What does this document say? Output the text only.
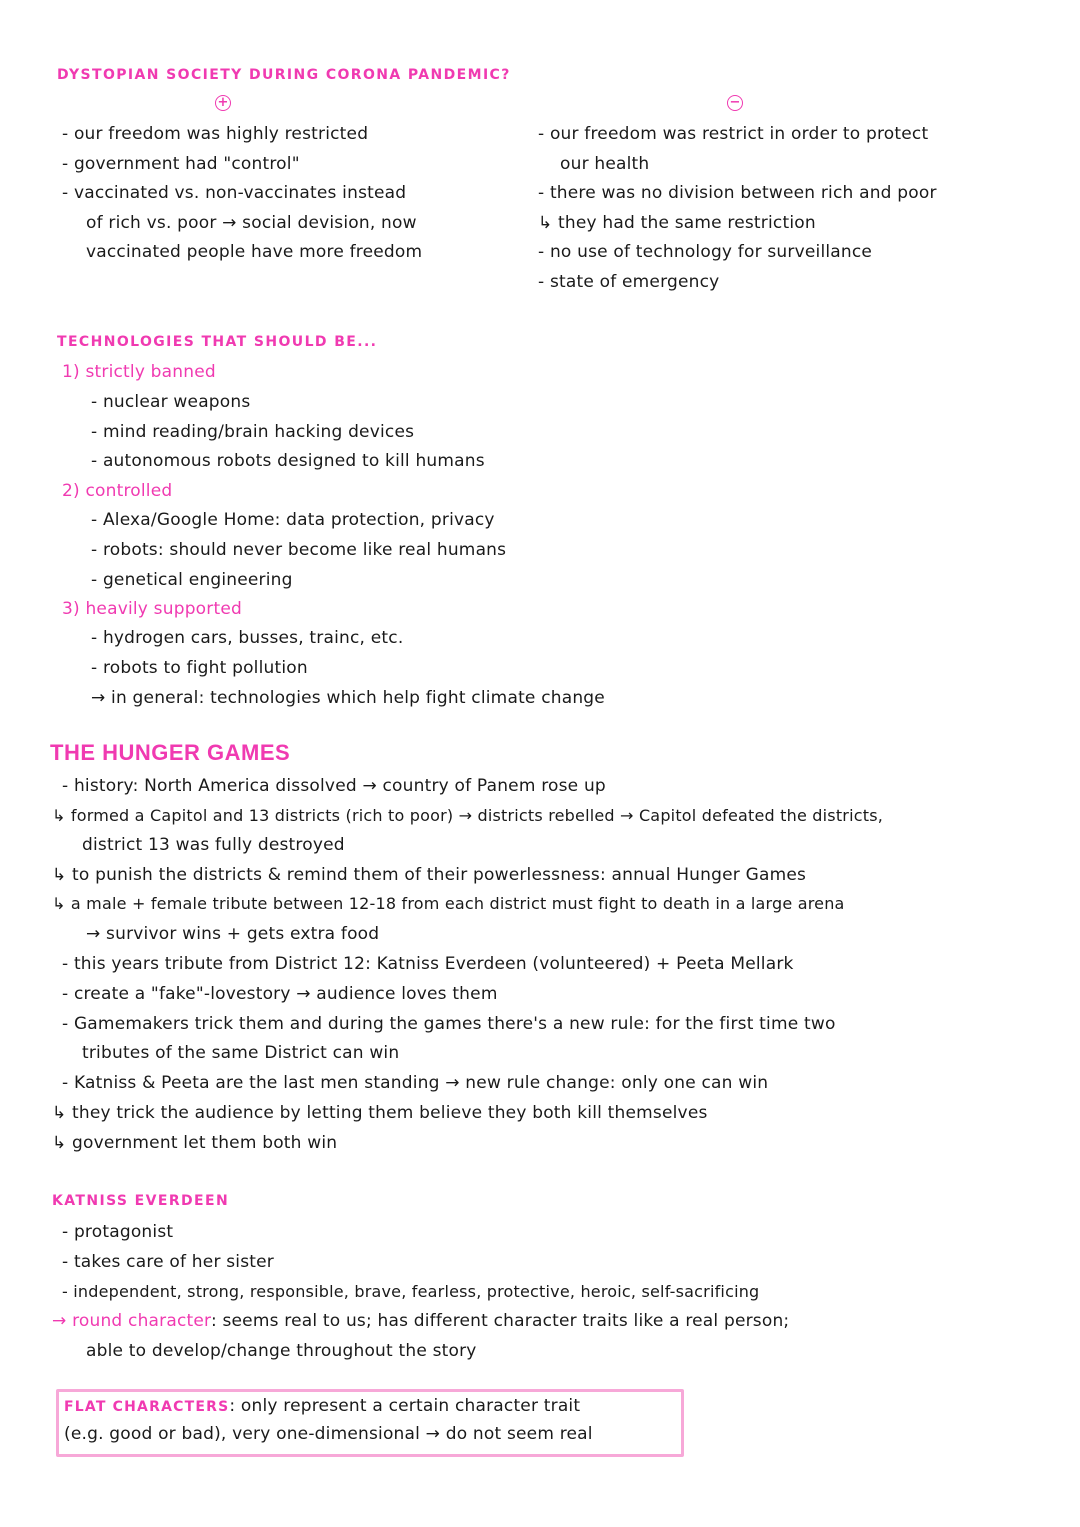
DYSTOPIAN SOCIETY DURING CORONA PANDEMIC?
+	−
- our freedom was highly restricted
- government had "control"
- vaccinated vs. non-vaccinates instead
of rich vs. poor → social devision, now
vaccinated people have more freedom
- our freedom was restrict in order to protect
our health
- there was no division between rich and poor
↳ they had the same restriction
- no use of technology for surveillance
- state of emergency
TECHNOLOGIES THAT SHOULD BE...
1) strictly banned
- nuclear weapons
- mind reading/brain hacking devices
- autonomous robots designed to kill humans
2) controlled
- Alexa/Google Home: data protection, privacy
- robots: should never become like real humans
- genetical engineering
3) heavily supported
- hydrogen cars, busses, trainc, etc.
- robots to fight pollution
→ in general: technologies which help fight climate change
THE HUNGER GAMES
- history: North America dissolved → country of Panem rose up
↳ formed a Capitol and 13 districts (rich to poor) → districts rebelled → Capitol defeated the districts,
district 13 was fully destroyed
↳ to punish the districts & remind them of their powerlessness: annual Hunger Games
↳ a male + female tribute between 12-18 from each district must fight to death in a large arena
→ survivor wins + gets extra food
- this years tribute from District 12: Katniss Everdeen (volunteered) + Peeta Mellark
- create a "fake"-lovestory → audience loves them
- Gamemakers trick them and during the games there's a new rule: for the first time two
tributes of the same District can win
- Katniss & Peeta are the last men standing → new rule change: only one can win
↳ they trick the audience by letting them believe they both kill themselves
↳ government let them both win
KATNISS EVERDEEN
- protagonist
- takes care of her sister
- independent, strong, responsible, brave, fearless, protective, heroic, self-sacrificing
→ round character: seems real to us; has different character traits like a real person;
able to develop/change throughout the story
FLAT CHARACTERS: only represent a certain character trait
(e.g. good or bad), very one-dimensional → do not seem real
